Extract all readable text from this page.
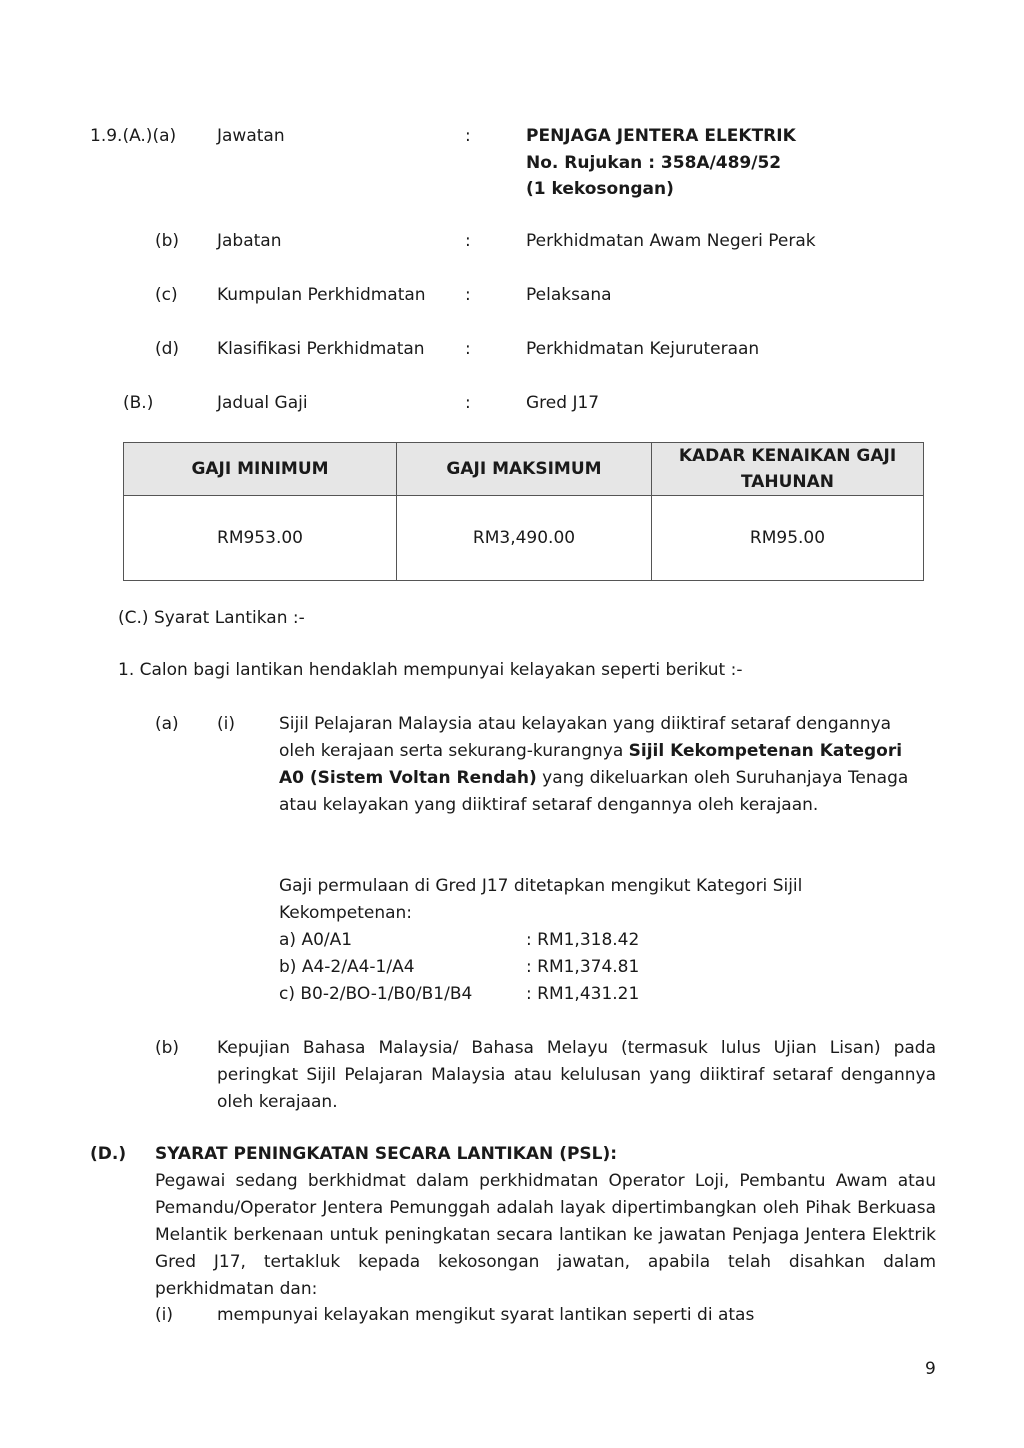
1.9.(A.)(a) Jawatan	:	PENJAGA JENTERA ELEKTRIK
No. Rujukan : 358A/489/52
(1 kekosongan)
(b) Jabatan	:	Perkhidmatan Awam Negeri Perak
(c) Kumpulan Perkhidmatan :	Pelaksana
(d) Klasifikasi Perkhidmatan :	Perkhidmatan Kejuruteraan
(B.)	Jadual Gaji	:	Gred J17
GAJI MINIMUM	GAJI MAKSIMUM	KADAR KENAIKAN GAJI TAHUNAN
RM953.00	RM3,490.00	RM95.00
(C.) Syarat Lantikan :-
1. Calon bagi lantikan hendaklah mempunyai kelayakan seperti berikut :-
(a) (i)	Sijil Pelajaran Malaysia atau kelayakan yang diiktiraf setaraf dengannya oleh kerajaan serta sekurang-kurangnya Sijil Kekompetenan Kategori A0 (Sistem Voltan Rendah) yang dikeluarkan oleh Suruhanjaya Tenaga atau kelayakan yang diiktiraf setaraf dengannya oleh kerajaan.
Gaji permulaan di Gred J17 ditetapkan mengikut Kategori Sijil Kekompetenan:
a) A0/A1	: RM1,318.42
b) A4-2/A4-1/A4	: RM1,374.81
c) B0-2/BO-1/B0/B1/B4	: RM1,431.21
(b) Kepujian Bahasa Malaysia/ Bahasa Melayu (termasuk lulus Ujian Lisan) pada peringkat Sijil Pelajaran Malaysia atau kelulusan yang diiktiraf setaraf dengannya oleh kerajaan.
(D.) SYARAT PENINGKATAN SECARA LANTIKAN (PSL):
Pegawai sedang berkhidmat dalam perkhidmatan Operator Loji, Pembantu Awam atau Pemandu/Operator Jentera Pemunggah adalah layak dipertimbangkan oleh Pihak Berkuasa Melantik berkenaan untuk peningkatan secara lantikan ke jawatan Penjaga Jentera Elektrik Gred J17, tertakluk kepada kekosongan jawatan, apabila telah disahkan dalam perkhidmatan dan:
(i)	mempunyai kelayakan mengikut syarat lantikan seperti di atas
9
